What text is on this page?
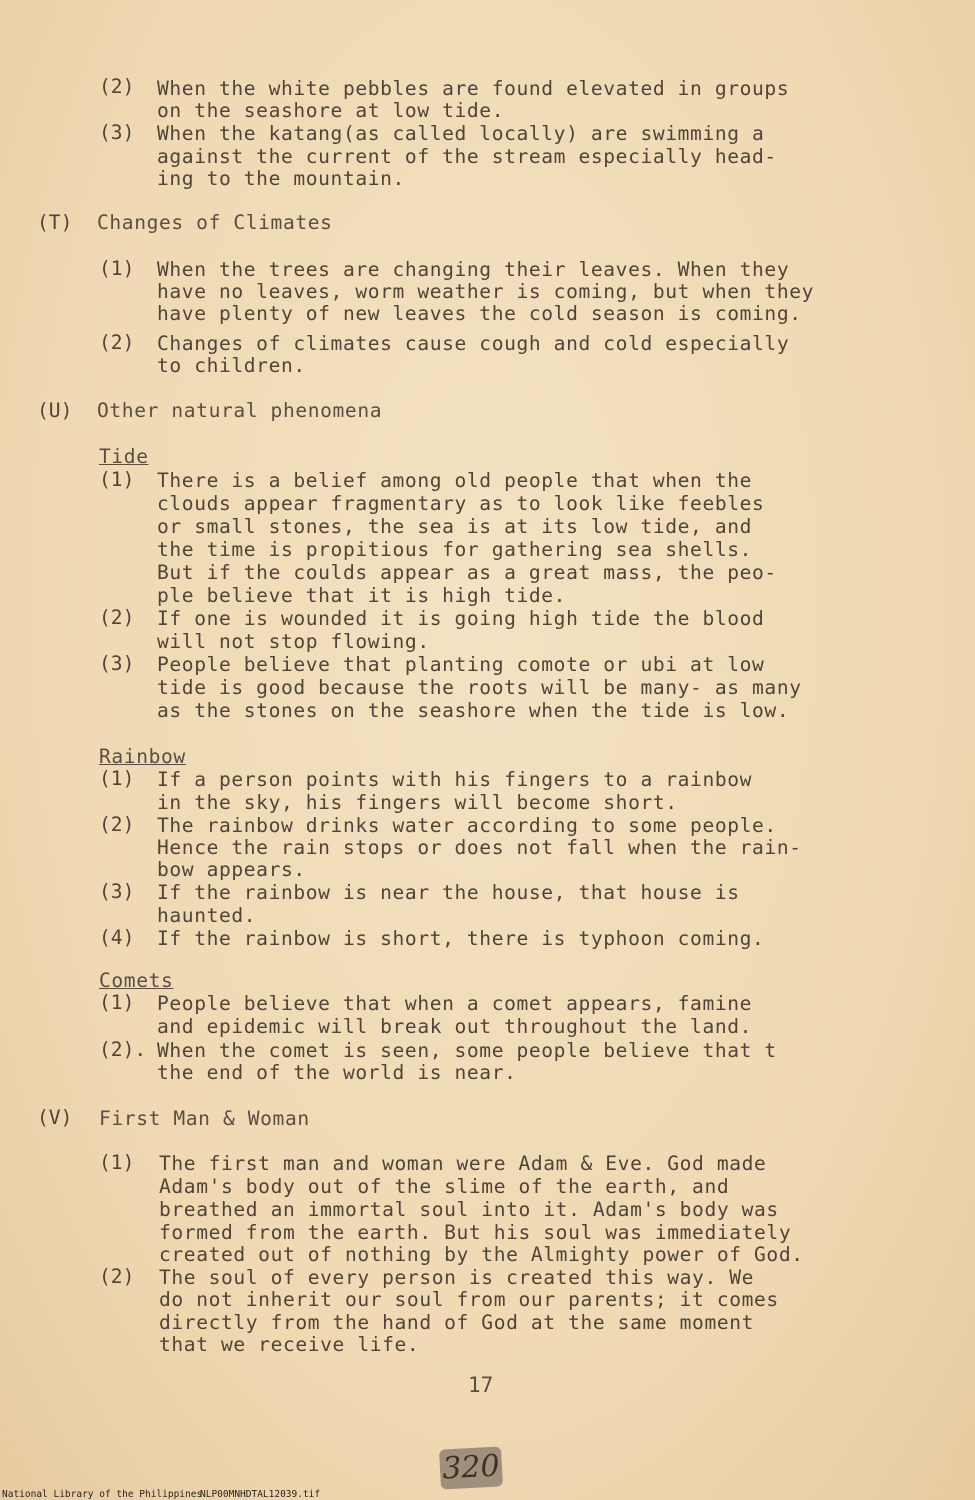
(2) When the white pebbles are found elevated in groups
on the seashore at low tide.
(3) When the katang(as called locally) are swimming a
against the current of the stream especially head-
ing to the mountain.
(T) Changes of Climates
(1) When the trees are changing their leaves. When they
have no leaves, worm weather is coming, but when they
have plenty of new leaves the cold season is coming.
(2) Changes of climates cause cough and cold especially
to children.
(U) Other natural phenomena
Tide
(1) There is a belief among old people that when the
clouds appear fragmentary as to look like feebles
or small stones, the sea is at its low tide, and
the time is propitious for gathering sea shells.
But if the coulds appear as a great mass, the peo-
ple believe that it is high tide.
(2) If one is wounded it is going high tide the blood
will not stop flowing.
(3) People believe that planting comote or ubi at low
tide is good because the roots will be many- as many
as the stones on the seashore when the tide is low.
Rainbow
(1) If a person points with his fingers to a rainbow
in the sky, his fingers will become short.
(2) The rainbow drinks water according to some people.
Hence the rain stops or does not fall when the rain-
bow appears.
(3) If the rainbow is near the house, that house is
haunted.
(4) If the rainbow is short, there is typhoon coming.
Comets
(1) People believe that when a comet appears, famine
and epidemic will break out throughout the land.
(2). When the comet is seen, some people believe that t
the end of the world is near.
(V) First Man & Woman
(1) The first man and woman were Adam & Eve. God made
Adam's body out of the slime of the earth, and
breathed an immortal soul into it. Adam's body was
formed from the earth. But his soul was immediately
created out of nothing by the Almighty power of God.
(2) The soul of every person is created this way. We
do not inherit our soul from our parents; it comes
directly from the hand of God at the same moment
that we receive life.
17
320
National Library of the Philippines
NLP00MNHDTAL12039.tif
